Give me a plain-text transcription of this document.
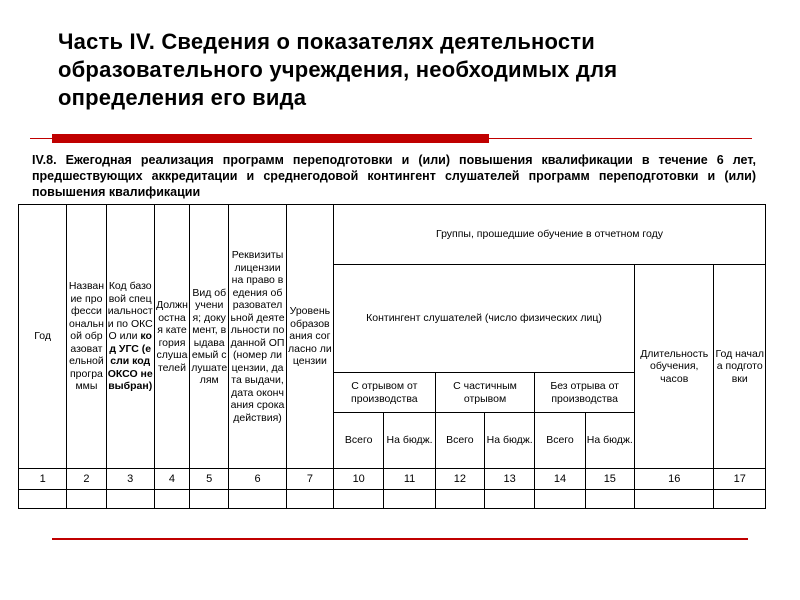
Часть IV. Сведения о показателях деятельности образовательного учреждения, необходимых для определения его вида
IV.8. Ежегодная реализация программ переподготовки и (или) повышения квалификации в течение 6 лет, предшествующих аккредитации и среднегодовой контингент слушателей программ переподготовки и (или) повышения квалификации
Год	Название профессиональной образовательной программы	Код базовой специальности по ОКСО или код УГС (если код ОКСО не выбран)	Должностная категория слушателей	Вид обучения; документ, выдаваемый слушателям	Реквизиты лицензии на право ведения образовательной деятельности по данной ОП (номер лицензии, дата выдачи, дата окончания срока действия)	Уровень образования согласно лицензии	Группы, прошедшие обучение в отчетном году							
							Контингент слушателей (число физических лиц)						Длительность обучения, часов	Год начала подготовки
							С отрывом от производства		С частичным отрывом		Без отрыва от производства			
							Всего	На бюдж.	Всего	На бюдж.	Всего	На бюдж.		
1	2	3	4	5	6	7	10	11	12	13	14	15	16	17
